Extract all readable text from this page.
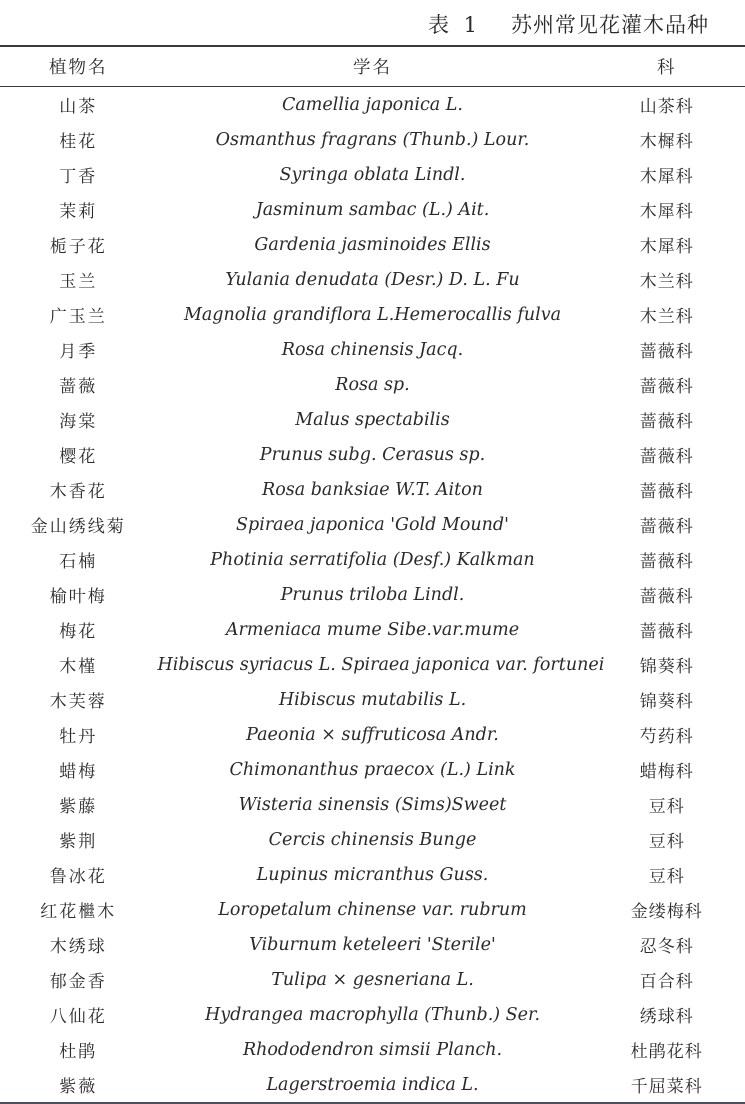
表 1 苏州常见花灌木品种
植物名	学名	科
山茶	Camellia japonica L.	山茶科
桂花	Osmanthus fragrans (Thunb.) Lour.	木樨科
丁香	Syringa oblata Lindl.	木犀科
茉莉	Jasminum sambac (L.) Ait.	木犀科
栀子花	Gardenia jasminoides Ellis	木犀科
玉兰	Yulania denudata (Desr.) D. L. Fu	木兰科
广玉兰	Magnolia grandiflora L.Hemerocallis fulva	木兰科
月季	Rosa chinensis Jacq.	蔷薇科
蔷薇	Rosa sp.	蔷薇科
海棠	Malus spectabilis	蔷薇科
樱花	Prunus subg. Cerasus sp.	蔷薇科
木香花	Rosa banksiae W.T. Aiton	蔷薇科
金山绣线菊	Spiraea japonica 'Gold Mound'	蔷薇科
石楠	Photinia serratifolia (Desf.) Kalkman	蔷薇科
榆叶梅	Prunus triloba Lindl.	蔷薇科
梅花	Armeniaca mume Sibe.var.mume	蔷薇科
木槿	Hibiscus syriacus L. Spiraea japonica var. fortunei	锦葵科
木芙蓉	Hibiscus mutabilis L.	锦葵科
牡丹	Paeonia × suffruticosa Andr.	芍药科
蜡梅	Chimonanthus praecox (L.) Link	蜡梅科
紫藤	Wisteria sinensis (Sims)Sweet	豆科
紫荆	Cercis chinensis Bunge	豆科
鲁冰花	Lupinus micranthus Guss.	豆科
红花檵木	Loropetalum chinense var. rubrum	金缕梅科
木绣球	Viburnum keteleeri 'Sterile'	忍冬科
郁金香	Tulipa × gesneriana L.	百合科
八仙花	Hydrangea macrophylla (Thunb.) Ser.	绣球科
杜鹃	Rhododendron simsii Planch.	杜鹃花科
紫薇	Lagerstroemia indica L.	千屈菜科
